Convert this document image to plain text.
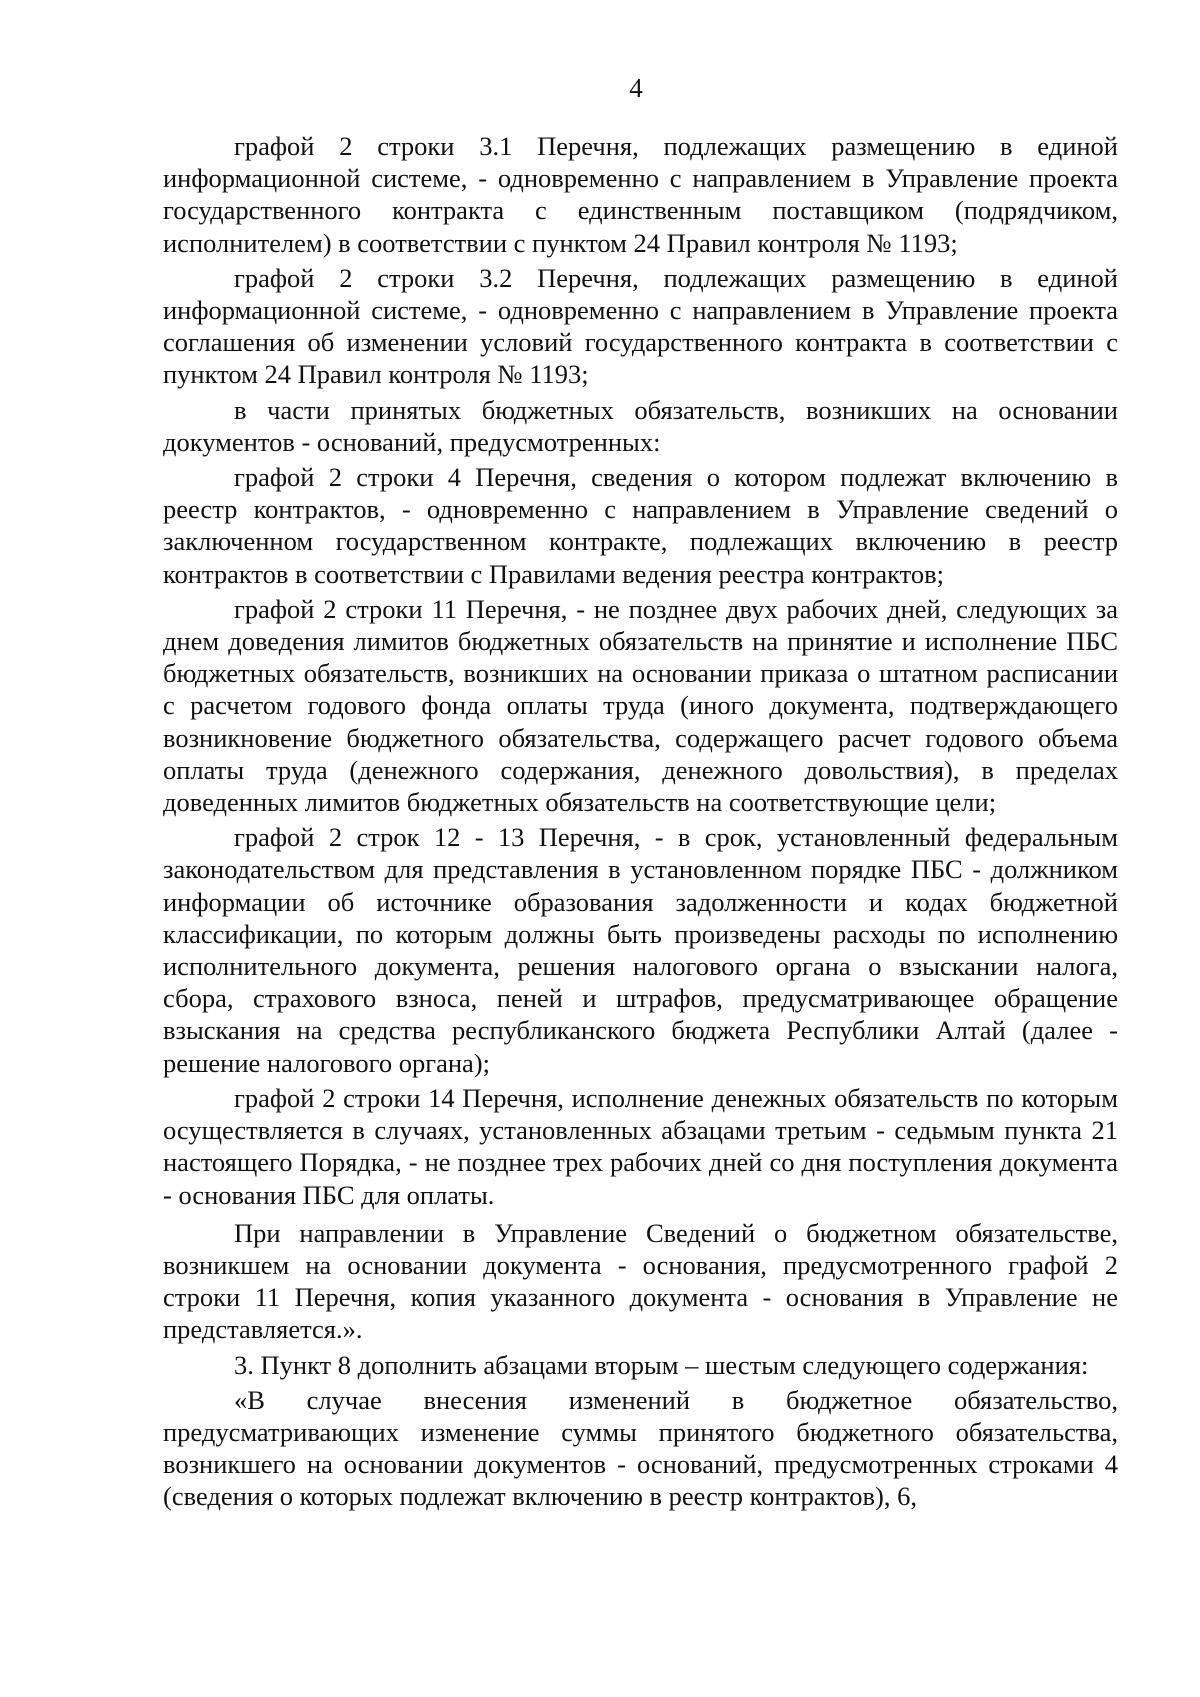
4

графой 2 строки 3.1 Перечня, подлежащих размещению в единой информационной системе, - одновременно с направлением в Управление проекта государственного контракта с единственным поставщиком (подрядчиком, исполнителем) в соответствии с пунктом 24 Правил контроля № 1193;

графой 2 строки 3.2 Перечня, подлежащих размещению в единой информационной системе, - одновременно с направлением в Управление проекта соглашения об изменении условий государственного контракта в соответствии с пунктом 24 Правил контроля № 1193;

в части принятых бюджетных обязательств, возникших на основании документов - оснований, предусмотренных:

графой 2 строки 4 Перечня, сведения о котором подлежат включению в реестр контрактов, - одновременно с направлением в Управление сведений о заключенном государственном контракте, подлежащих включению в реестр контрактов в соответствии с Правилами ведения реестра контрактов;

графой 2 строки 11 Перечня, - не позднее двух рабочих дней, следующих за днем доведения лимитов бюджетных обязательств на принятие и исполнение ПБС бюджетных обязательств, возникших на основании приказа о штатном расписании с расчетом годового фонда оплаты труда (иного документа, подтверждающего возникновение бюджетного обязательства, содержащего расчет годового объема оплаты труда (денежного содержания, денежного довольствия), в пределах доведенных лимитов бюджетных обязательств на соответствующие цели;

графой 2 строк 12 - 13 Перечня, - в срок, установленный федеральным законодательством для представления в установленном порядке ПБС - должником информации об источнике образования задолженности и кодах бюджетной классификации, по которым должны быть произведены расходы по исполнению исполнительного документа, решения налогового органа о взыскании налога, сбора, страхового взноса, пеней и штрафов, предусматривающее обращение взыскания на средства республиканского бюджета Республики Алтай (далее - решение налогового органа);

графой 2 строки 14 Перечня, исполнение денежных обязательств по которым осуществляется в случаях, установленных абзацами третьим - седьмым пункта 21 настоящего Порядка, - не позднее трех рабочих дней со дня поступления документа - основания ПБС для оплаты.

При направлении в Управление Сведений о бюджетном обязательстве, возникшем на основании документа - основания, предусмотренного графой 2 строки 11 Перечня, копия указанного документа - основания в Управление не представляется.».

3. Пункт 8 дополнить абзацами вторым – шестым следующего содержания:

«В случае внесения изменений в бюджетное обязательство, предусматривающих изменение суммы принятого бюджетного обязательства, возникшего на основании документов - оснований, предусмотренных строками 4 (сведения о которых подлежат включению в реестр контрактов), 6,
